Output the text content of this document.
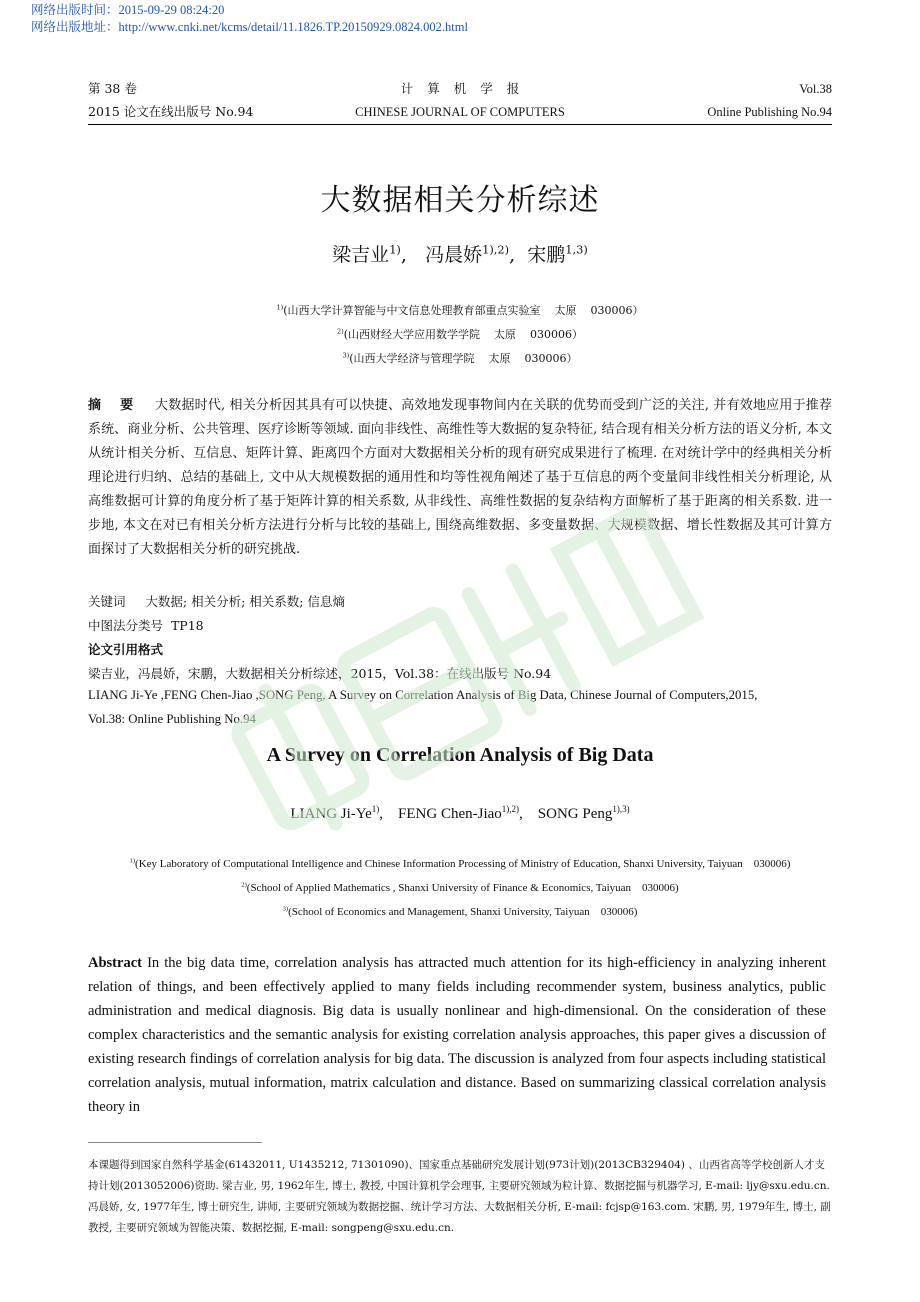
网络出版时间：2015-09-29 08:24:20
网络出版地址：http://www.cnki.net/kcms/detail/11.1826.TP.20150929.0824.002.html
第 38 卷	计算机学报	Vol.38
2015 论文在线出版号 No.94	CHINESE JOURNAL OF COMPUTERS	Online Publishing No.94
大数据相关分析综述
梁吉业$^{1)}$,   冯晨娇$^{1),2)}$,  宋鹏$^{1,3)}$
$^{1)}$(山西大学计算智能与中文信息处理教育部重点实验室    太原    030006）
$^{2)}$(山西财经大学应用数学学院    太原    030006）
$^{3)}$(山西大学经济与管理学院    太原    030006）
摘    要 大数据时代, 相关分析因其具有可以快捷、高效地发现事物间内在关联的优势而受到广泛的关注, 并有效地应用于推荐系统、商业分析、公共管理、医疗诊断等领域. 面向非线性、高维性等大数据的复杂特征, 结合现有相关分析方法的语义分析, 本文从统计相关分析、互信息、矩阵计算、距离四个方面对大数据相关分析的现有研究成果进行了梳理. 在对统计学中的经典相关分析理论进行归纳、总结的基础上, 文中从大规模数据的通用性和均等性视角阐述了基于互信息的两个变量间非线性相关分析理论, 从高维数据可计算的角度分析了基于矩阵计算的相关系数, 从非线性、高维性数据的复杂结构方面解析了基于距离的相关系数. 进一步地, 本文在对已有相关分析方法进行分析与比较的基础上, 围绕高维数据、多变量数据、大规模数据、增长性数据及其可计算方面探讨了大数据相关分析的研究挑战.
关键词 大数据; 相关分析; 相关系数; 信息熵
中图法分类号 TP18
论文引用格式
梁吉业，冯晨娇，宋鹏，大数据相关分析综述，2015，Vol.38：在线出版号 No.94
LIANG Ji-Ye ,FENG Chen-Jiao ,SONG Peng, A Survey on Correlation Analysis of Big Data, Chinese Journal of Computers,2015,
Vol.38: Online Publishing No.94
A Survey on Correlation Analysis of Big Data
LIANG Ji-Ye$^{1)}$,    FENG Chen-Jiao$^{1),2)}$,    SONG Peng$^{1),3)}$
$^{1)}$(Key Laboratory of Computational Intelligence and Chinese Information Processing of Ministry of Education, Shanxi University, Taiyuan    030006)
$^{2)}$(School of Applied Mathematics , Shanxi University of Finance & Economics, Taiyuan    030006)
$^{3)}$(School of Economics and Management, Shanxi University, Taiyuan    030006)
Abstract In the big data time, correlation analysis has attracted much attention for its high-efficiency in analyzing inherent relation of things, and been effectively applied to many fields including recommender system, business analytics, public administration and medical diagnosis. Big data is usually nonlinear and high-dimensional. On the consideration of these complex characteristics and the semantic analysis for existing correlation analysis approaches, this paper gives a discussion of existing research findings of correlation analysis for big data. The discussion is analyzed from four aspects including statistical correlation analysis, mutual information, matrix calculation and distance. Based on summarizing classical correlation analysis theory in
本课题得到国家自然科学基金(61432011, U1435212, 71301090)、国家重点基础研究发展计划(973计划)(2013CB329404) 、山西省高等学校创新人才支持计划(2013052006)资助. 梁吉业, 男, 1962年生, 博士, 教授, 中国计算机学会理事, 主要研究领域为粒计算、数据挖掘与机器学习, E-mail: ljy@sxu.edu.cn. 冯晨娇, 女, 1977年生, 博士研究生, 讲师, 主要研究领域为数据挖掘、统计学习方法、大数据相关分析, E-mail: fcjsp@163.com. 宋鹏, 男, 1979年生, 博士, 副教授, 主要研究领域为智能决策、数据挖掘, E-mail: songpeng@sxu.edu.cn.
